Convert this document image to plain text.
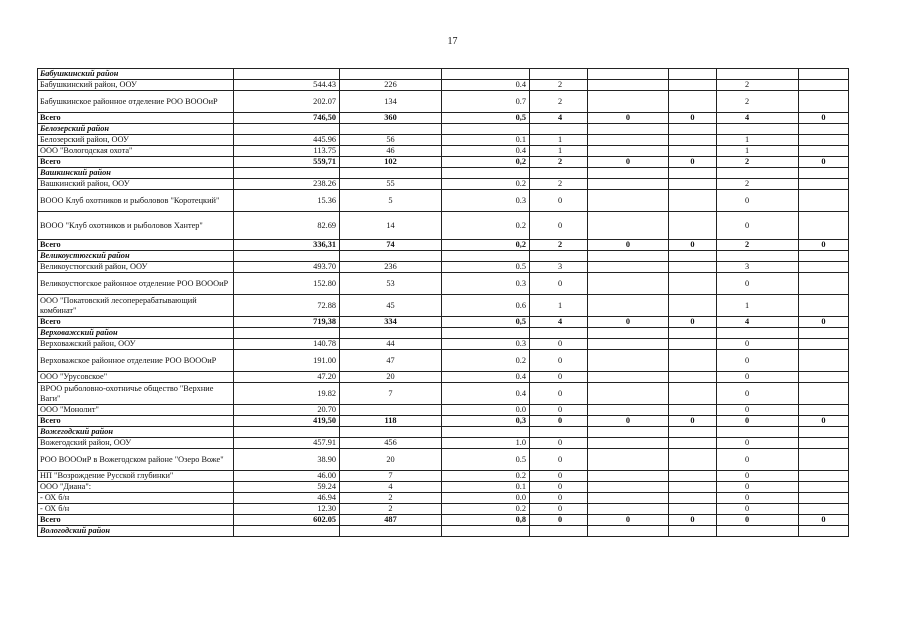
17
Бабушкинский район								
Бабушкинский район, ООУ	544.43	226	0.4	2			2	
Бабушкинское районное отделение РОО ВОООиР	202.07	134	0.7	2			2	
Всего	746,50	360	0,5	4	0	0	4	0
Белозерский район								
Белозерский район, ООУ	445.96	56	0.1	1			1	
ООО "Вологодская охота"	113.75	46	0.4	1			1	
Всего	559,71	102	0,2	2	0	0	2	0
Вашкинский район								
Вашкинский район, ООУ	238.26	55	0.2	2			2	
ВООО Клуб охотников и рыболовов "Коротецкий"	15.36	5	0.3	0			0	
ВООО "Клуб охотников и рыболовов Хантер"	82.69	14	0.2	0			0	
Всего	336,31	74	0,2	2	0	0	2	0
Великоустюгский район								
Великоустюгский район, ООУ	493.70	236	0.5	3			3	
Великоустюгское районное отделение РОО ВОООиР	152.80	53	0.3	0			0	
ООО "Покатовский лесоперерабатывающий комбинат"	72.88	45	0.6	1			1	
Всего	719,38	334	0,5	4	0	0	4	0
Верховажский район								
Верховажский район, ООУ	140.78	44	0.3	0			0	
Верховажское районное отделение РОО ВОООиР	191.00	47	0.2	0			0	
ООО "Урусовское"	47.20	20	0.4	0			0	
ВРОО рыболовно-охотничье общество "Верхние Ваги"	19.82	7	0.4	0			0	
ООО "Монолит"	20.70		0.0	0			0	
Всего	419,50	118	0,3	0	0	0	0	0
Вожегодский район								
Вожегодский район, ООУ	457.91	456	1.0	0			0	
РОО ВОООиР в Вожегодском районе "Озеро Воже"	38.90	20	0.5	0			0	
НП "Возрождение Русской глубинки"	46.00	7	0.2	0			0	
ООО "Диана":	59.24	4	0.1	0			0	
- ОХ б/н	46.94	2	0.0	0			0	
- ОХ б/н	12.30	2	0.2	0			0	
Всего	602.05	487	0,8	0	0	0	0	0
Вологодский район								
